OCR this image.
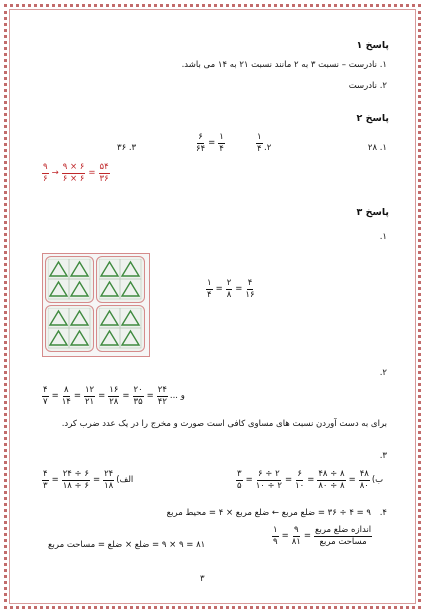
پاسخ ۱
۱. نادرست – نسبت ۳ به ۲ مانند نسبت ۲۱ به ۱۴ می باشد.
۲. نادرست
پاسخ ۲
۱. ۲۸
۲.
۱
۴
۶
۶۴
=
۱
۴
۳. ۳۶
۹
۶
→
۹ × ۶
۶ × ۶
=
۵۴
۳۶
پاسخ ۳
۱.
۱
۴
=
۲
۸
=
۴
۱۶
۲.
۴
۷
=
۸
۱۴
=
۱۲
۲۱
=
۱۶
۲۸
=
۲۰
۳۵
=
۲۴
۴۲
و ...
برای به دست آوردن نسبت های مساوی کافی است صورت و مخرج را در یک عدد ضرب کرد.
۳.
۳
۵
=
۶ ÷ ۲
۱۰ ÷ ۲
=
۶
۱۰
=
۴۸ ÷ ۸
۸۰ ÷ ۸
=
۴۸
۸۰
ب)
۴
۳
=
۲۴ ÷ ۶
۱۸ ÷ ۶
=
۲۴
۱۸
الف)
۴.
۹ = ۴ ÷ ۳۶ = ضلع مربع ← ضلع مربع × ۴ = محیط مربع
۱
۹
=
۹
۸۱
=
اندازه ضلع مربع
مساحت مربع
۸۱ = ۹ × ۹ = ضلع × ضلع = مساحت مربع
۳
